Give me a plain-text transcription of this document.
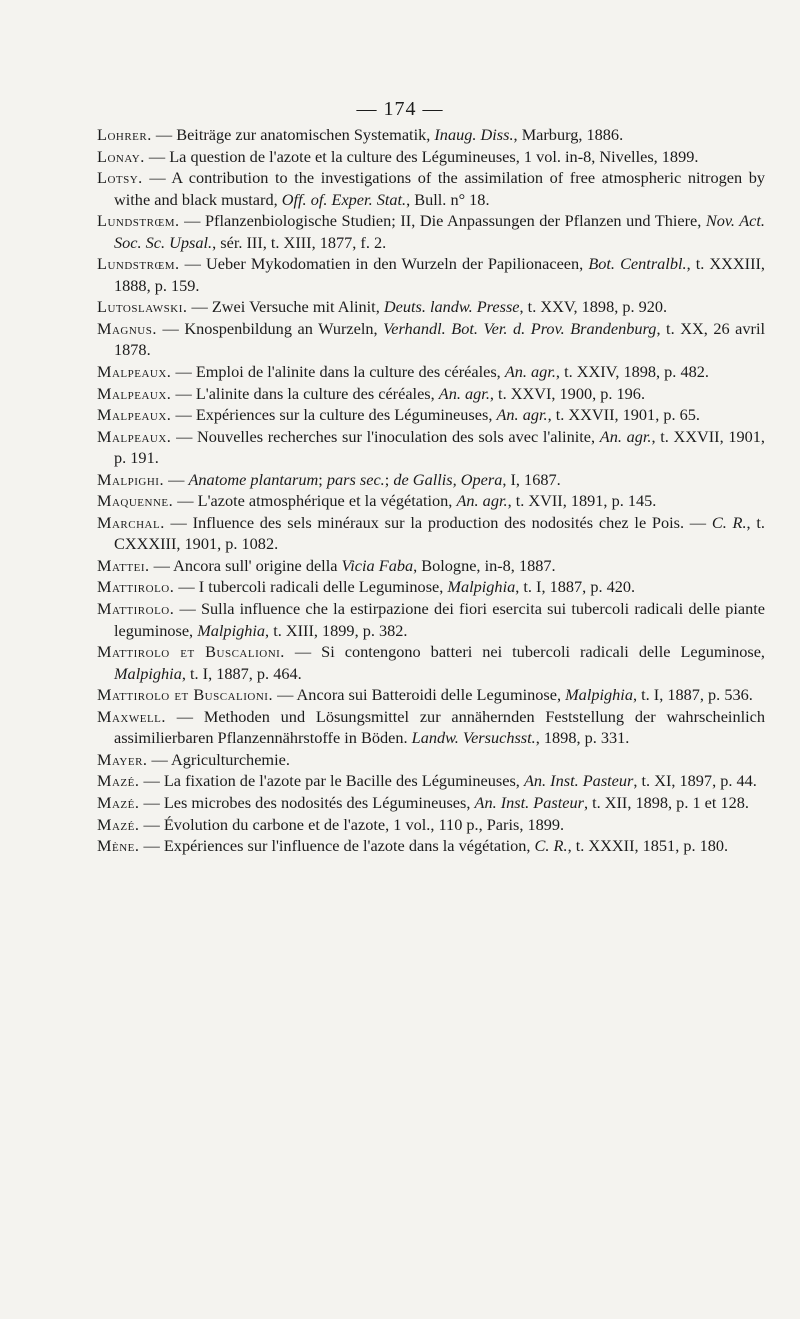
— 174 —

Lohrer. — Beiträge zur anatomischen Systematik, Inaug. Diss., Marburg, 1886.

Lonay. — La question de l'azote et la culture des Légumineuses, 1 vol. in-8, Nivelles, 1899.

Lotsy. — A contribution to the investigations of the assimilation of free atmospheric nitrogen by withe and black mustard, Off. of. Exper. Stat., Bull. n° 18.

Lundstrœm. — Pflanzenbiologische Studien; II, Die Anpassungen der Pflanzen und Thiere, Nov. Act. Soc. Sc. Upsal., sér. III, t. XIII, 1877, f. 2.

Lundstrœm. — Ueber Mykodomatien in den Wurzeln der Papilionaceen, Bot. Centralbl., t. XXXIII, 1888, p. 159.

Lutoslawski. — Zwei Versuche mit Alinit, Deuts. landw. Presse, t. XXV, 1898, p. 920.

Magnus. — Knospenbildung an Wurzeln, Verhandl. Bot. Ver. d. Prov. Brandenburg, t. XX, 26 avril 1878.

Malpeaux. — Emploi de l'alinite dans la culture des céréales, An. agr., t. XXIV, 1898, p. 482.

Malpeaux. — L'alinite dans la culture des céréales, An. agr., t. XXVI, 1900, p. 196.

Malpeaux. — Expériences sur la culture des Légumineuses, An. agr., t. XXVII, 1901, p. 65.

Malpeaux. — Nouvelles recherches sur l'inoculation des sols avec l'alinite, An. agr., t. XXVII, 1901, p. 191.

Malpighi. — Anatome plantarum; pars sec.; de Gallis, Opera, I, 1687.

Maquenne. — L'azote atmosphérique et la végétation, An. agr., t. XVII, 1891, p. 145.

Marchal. — Influence des sels minéraux sur la production des nodosités chez le Pois. — C. R., t. CXXXIII, 1901, p. 1082.

Mattei. — Ancora sull' origine della Vicia Faba, Bologne, in-8, 1887.

Mattirolo. — I tubercoli radicali delle Leguminose, Malpighia, t. I, 1887, p. 420.

Mattirolo. — Sulla influence che la estirpazione dei fiori esercita sui tubercoli radicali delle piante leguminose, Malpighia, t. XIII, 1899, p. 382.

Mattirolo et Buscalioni. — Si contengono batteri nei tubercoli radicali delle Leguminose, Malpighia, t. I, 1887, p. 464.

Mattirolo et Buscalioni. — Ancora sui Batteroidi delle Leguminose, Malpighia, t. I, 1887, p. 536.

Maxwell. — Methoden und Lösungsmittel zur annähernden Feststellung der wahrscheinlich assimilierbaren Pflanzennährstoffe in Böden. Landw. Versuchsst., 1898, p. 331.

Mayer. — Agriculturchemie.

Mazé. — La fixation de l'azote par le Bacille des Légumineuses, An. Inst. Pasteur, t. XI, 1897, p. 44.

Mazé. — Les microbes des nodosités des Légumineuses, An. Inst. Pasteur, t. XII, 1898, p. 1 et 128.

Mazé. — Évolution du carbone et de l'azote, 1 vol., 110 p., Paris, 1899.

Mène. — Expériences sur l'influence de l'azote dans la végétation, C. R., t. XXXII, 1851, p. 180.
